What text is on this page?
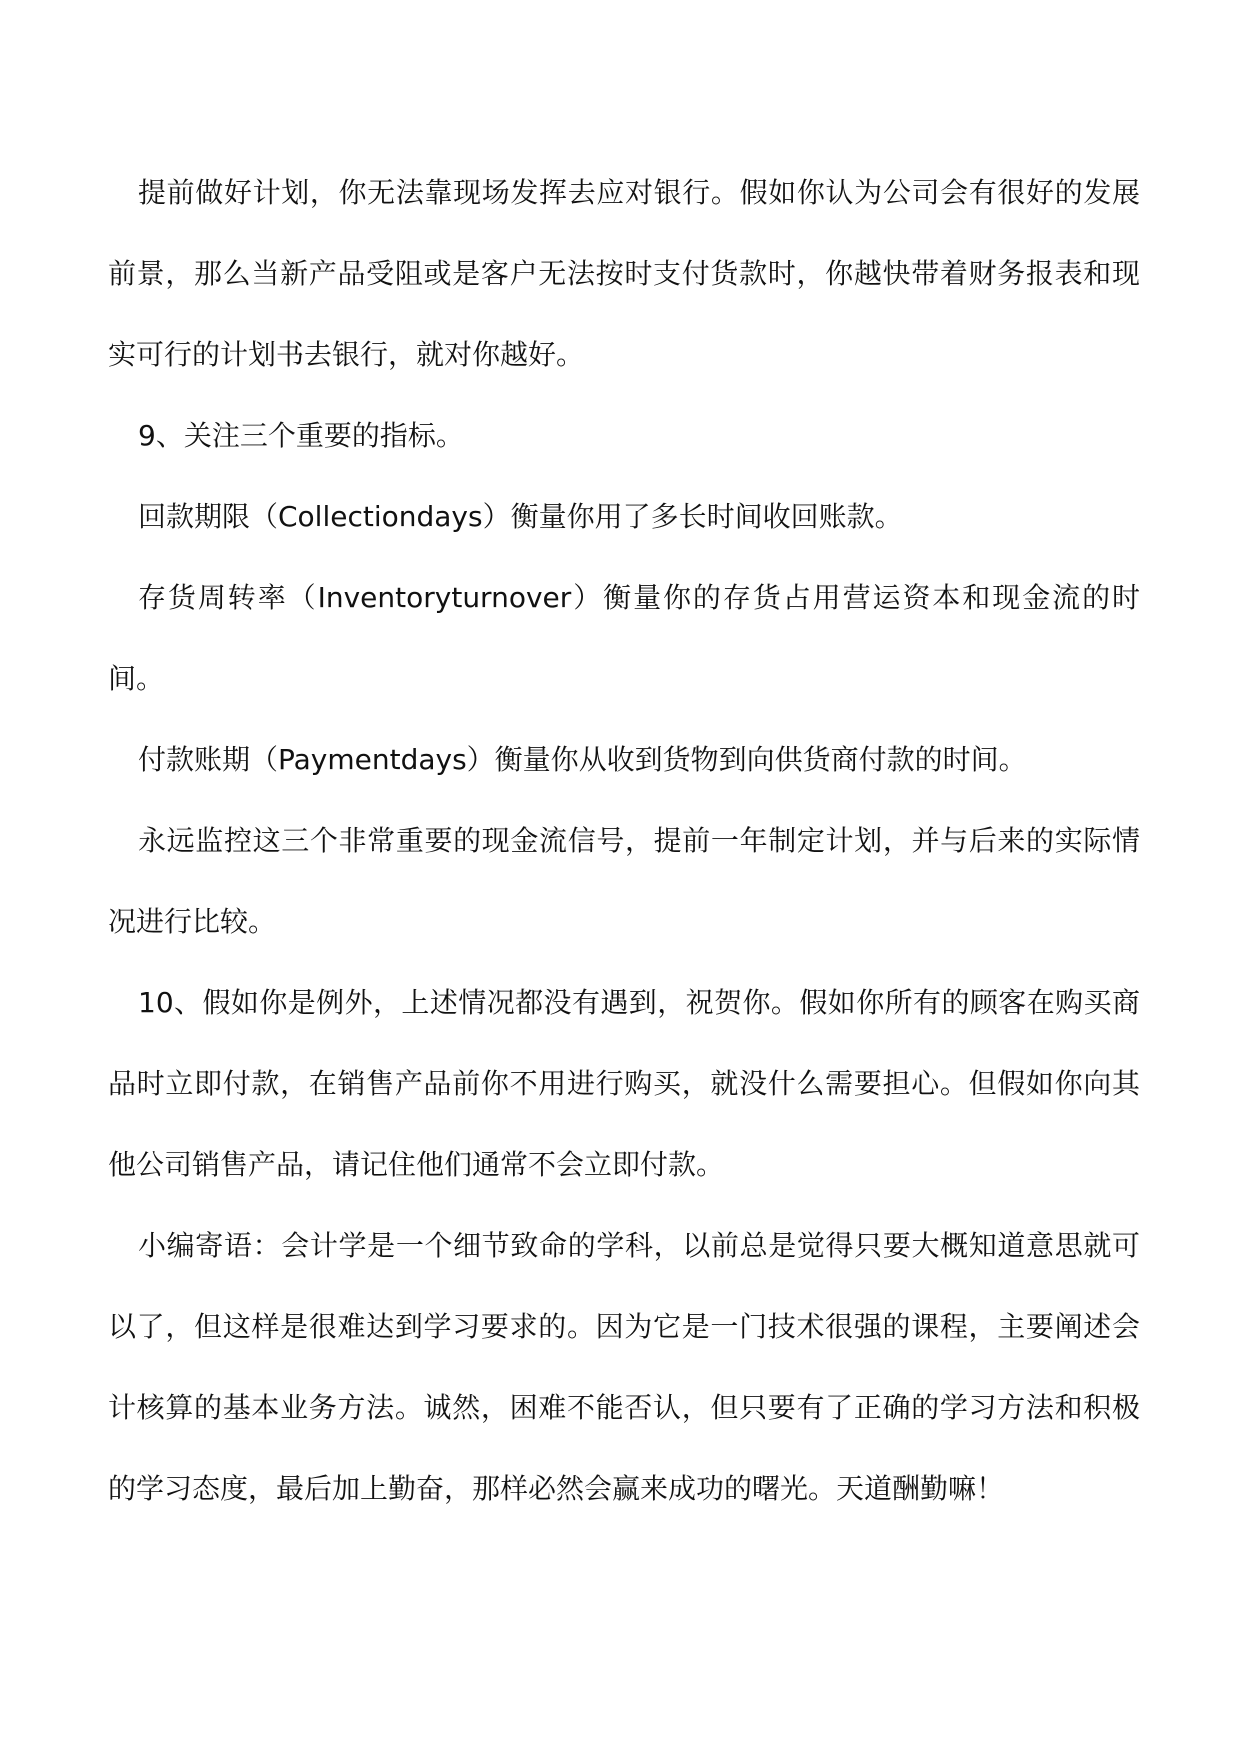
提前做好计划，你无法靠现场发挥去应对银行。假如你认为公司会有很好的发展前景，那么当新产品受阻或是客户无法按时支付货款时，你越快带着财务报表和现实可行的计划书去银行，就对你越好。

9、关注三个重要的指标。

回款期限（Collectiondays）衡量你用了多长时间收回账款。

存货周转率（Inventoryturnover）衡量你的存货占用营运资本和现金流的时间。

付款账期（Paymentdays）衡量你从收到货物到向供货商付款的时间。

永远监控这三个非常重要的现金流信号，提前一年制定计划，并与后来的实际情况进行比较。

10、假如你是例外，上述情况都没有遇到，祝贺你。假如你所有的顾客在购买商品时立即付款，在销售产品前你不用进行购买，就没什么需要担心。但假如你向其他公司销售产品，请记住他们通常不会立即付款。

小编寄语：会计学是一个细节致命的学科，以前总是觉得只要大概知道意思就可以了，但这样是很难达到学习要求的。因为它是一门技术很强的课程，主要阐述会计核算的基本业务方法。诚然，困难不能否认，但只要有了正确的学习方法和积极的学习态度，最后加上勤奋，那样必然会赢来成功的曙光。天道酬勤嘛！
